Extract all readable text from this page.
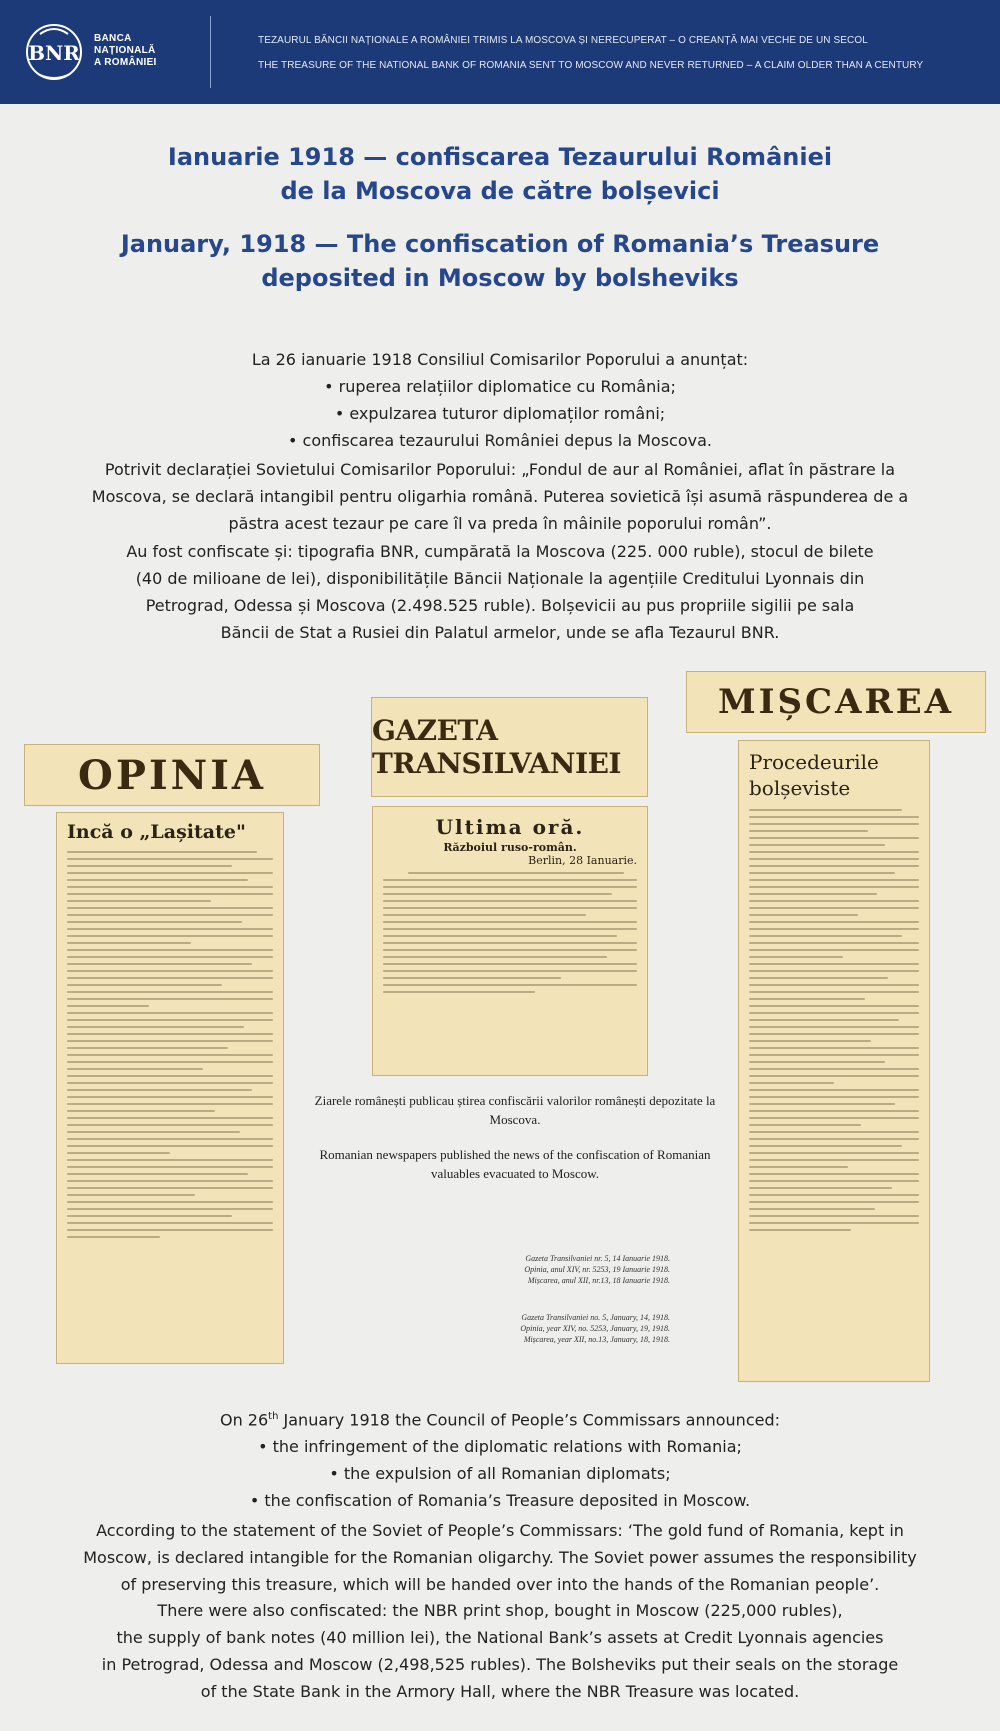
BNR
BANCA
NAȚIONALĂ
A ROMÂNIEI
TEZAURUL BĂNCII NAȚIONALE A ROMÂNIEI TRIMIS LA MOSCOVA ȘI NERECUPERAT – O CREANȚĂ MAI VECHE DE UN SECOL
THE TREASURE OF THE NATIONAL BANK OF ROMANIA SENT TO MOSCOW AND NEVER RETURNED – A CLAIM OLDER THAN A CENTURY
Ianuarie 1918 — confiscarea Tezaurului României
de la Moscova de către bolșevici
January, 1918 — The confiscation of Romania’s Treasure
deposited in Moscow by bolsheviks
La 26 ianuarie 1918 Consiliul Comisarilor Poporului a anunțat:
• ruperea relațiilor diplomatice cu România;
• expulzarea tuturor diplomaților români;
• confiscarea tezaurului României depus la Moscova.
Potrivit declarației Sovietului Comisarilor Poporului: „Fondul de aur al României, aflat în păstrare la
Moscova, se declară intangibil pentru oligarhia română. Puterea sovietică își asumă răspunderea de a
păstra acest tezaur pe care îl va preda în mâinile poporului român”.
Au fost confiscate și: tipografia BNR, cumpărată la Moscova (225. 000 ruble), stocul de bilete
(40 de milioane de lei), disponibilitățile Băncii Naționale la agențiile Creditului Lyonnais din
Petrograd, Odessa și Moscova (2.498.525 ruble). Bolșevicii au pus propriile sigilii pe sala
Băncii de Stat a Rusiei din Palatul armelor, unde se afla Tezaurul BNR.
OPINIA
Incă o „Lașitate"
GAZETA TRANSILVANIEI
Ultima oră.
Războiul ruso-român.
Berlin, 28 Ianuarie.
MIȘCAREA
Procedeurile bolșeviste
Ziarele românești publicau știrea confiscării valorilor românești depozitate la Moscova.
Romanian newspapers published the news of the confiscation of Romanian valuables evacuated to Moscow.
Gazeta Transilvaniei nr. 5, 14 Ianuarie 1918.
Opinia, anul XIV, nr. 5253, 19 Ianuarie 1918.
Mișcarea, anul XII, nr.13, 18 Ianuarie 1918.
Gazeta Transilvaniei no. 5, January, 14, 1918.
Opinia, year XIV, no. 5253, January, 19, 1918.
Mișcarea, year XII, no.13, January, 18, 1918.
On 26th January 1918 the Council of People’s Commissars announced:
• the infringement of the diplomatic relations with Romania;
• the expulsion of all Romanian diplomats;
• the confiscation of Romania’s Treasure deposited in Moscow.
According to the statement of the Soviet of People’s Commissars: ‘The gold fund of Romania, kept in
Moscow, is declared intangible for the Romanian oligarchy. The Soviet power assumes the responsibility
of preserving this treasure, which will be handed over into the hands of the Romanian people’.
There were also confiscated: the NBR print shop, bought in Moscow (225,000 rubles),
the supply of bank notes (40 million lei), the National Bank’s assets at Credit Lyonnais agencies
in Petrograd, Odessa and Moscow (2,498,525 rubles). The Bolsheviks put their seals on the storage
of the State Bank in the Armory Hall, where the NBR Treasure was located.
